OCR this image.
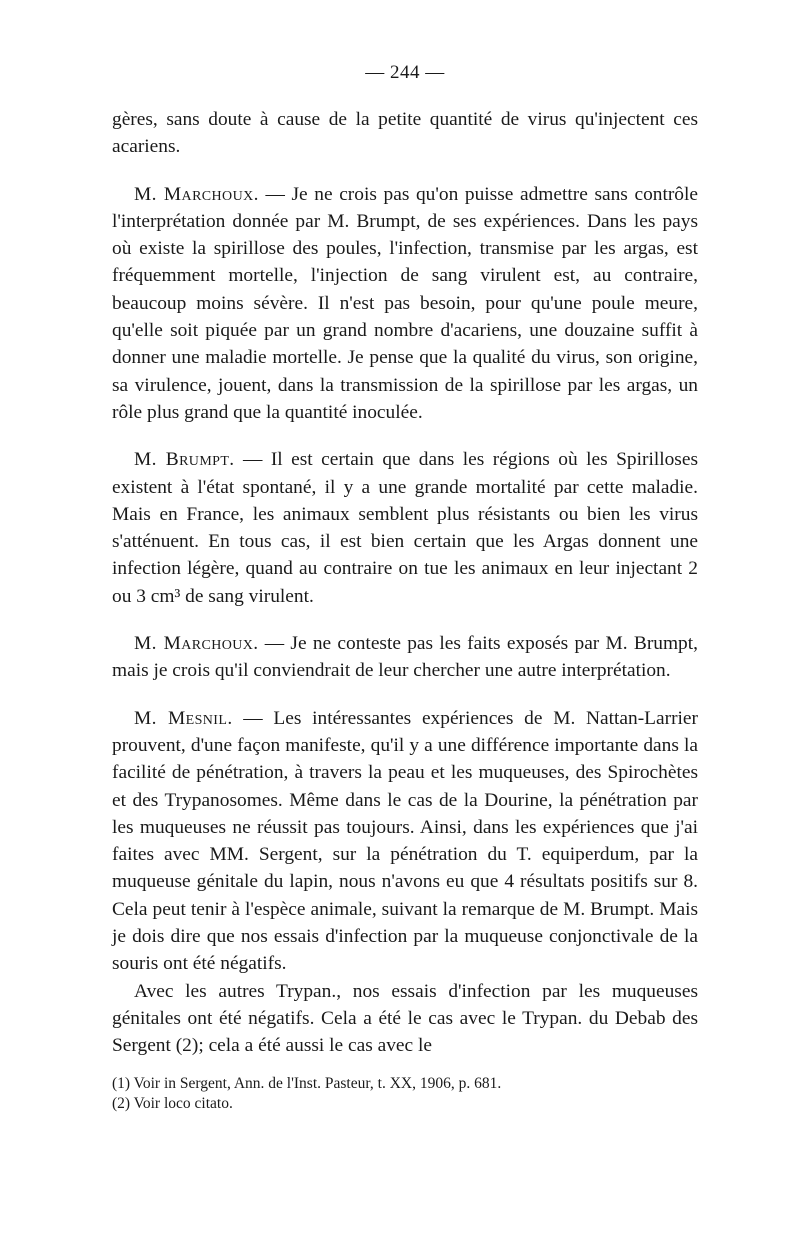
— 244 —

gères, sans doute à cause de la petite quantité de virus qu'injectent ces acariens.

M. Marchoux. — Je ne crois pas qu'on puisse admettre sans contrôle l'interprétation donnée par M. Brumpt, de ses expériences. Dans les pays où existe la spirillose des poules, l'infection, transmise par les argas, est fréquemment mortelle, l'injection de sang virulent est, au contraire, beaucoup moins sévère. Il n'est pas besoin, pour qu'une poule meure, qu'elle soit piquée par un grand nombre d'acariens, une douzaine suffit à donner une maladie mortelle. Je pense que la qualité du virus, son origine, sa virulence, jouent, dans la transmission de la spirillose par les argas, un rôle plus grand que la quantité inoculée.

M. Brumpt. — Il est certain que dans les régions où les Spirilloses existent à l'état spontané, il y a une grande mortalité par cette maladie. Mais en France, les animaux semblent plus résistants ou bien les virus s'atténuent. En tous cas, il est bien certain que les Argas donnent une infection légère, quand au contraire on tue les animaux en leur injectant 2 ou 3 cm³ de sang virulent.

M. Marchoux. — Je ne conteste pas les faits exposés par M. Brumpt, mais je crois qu'il conviendrait de leur chercher une autre interprétation.

M. Mesnil. — Les intéressantes expériences de M. Nattan-Larrier prouvent, d'une façon manifeste, qu'il y a une différence importante dans la facilité de pénétration, à travers la peau et les muqueuses, des Spirochètes et des Trypanosomes. Même dans le cas de la Dourine, la pénétration par les muqueuses ne réussit pas toujours. Ainsi, dans les expériences que j'ai faites avec MM. Sergent, sur la pénétration du T. equiperdum, par la muqueuse génitale du lapin, nous n'avons eu que 4 résultats positifs sur 8. Cela peut tenir à l'espèce animale, suivant la remarque de M. Brumpt. Mais je dois dire que nos essais d'infection par la muqueuse conjonctivale de la souris ont été négatifs.

Avec les autres Trypan., nos essais d'infection par les muqueuses génitales ont été négatifs. Cela a été le cas avec le Trypan. du Debab des Sergent (2); cela a été aussi le cas avec le

(1) Voir in Sergent, Ann. de l'Inst. Pasteur, t. XX, 1906, p. 681.

(2) Voir loco citato.
